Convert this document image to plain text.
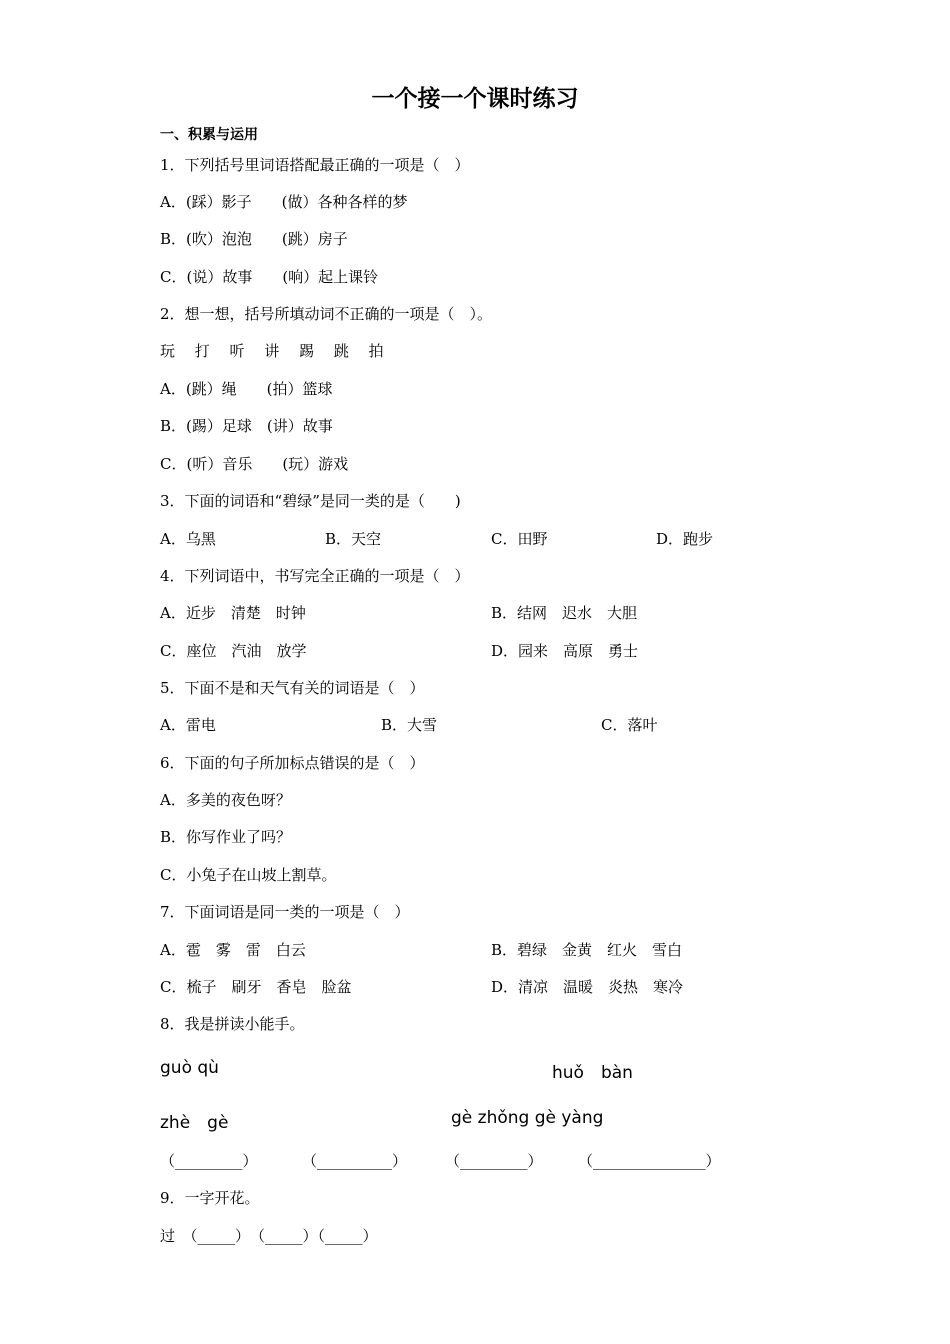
一个接一个课时练习
一、积累与运用
1．下列括号里词语搭配最正确的一项是（　）
A．(踩）影子　　(做）各种各样的梦
B．(吹）泡泡　　(跳）房子
C．(说）故事　　(响）起上课铃
2．想一想，括号所填动词不正确的一项是（　）。
玩　 打　 听　 讲　 踢　 跳　 拍
A．(跳）绳　　(拍）篮球
B．(踢）足球　(讲）故事
C．(听）音乐　　(玩）游戏
3．下面的词语和“碧绿”是同一类的是（　　)
A．乌黑	B．天空	C．田野	D．跑步
4．下列词语中，书写完全正确的一项是（　）
A．近步　清楚　时钟	B．结网　迟水　大胆
C．座位　汽油　放学	D．园来　高原　勇士
5．下面不是和天气有关的词语是（　）
A．雷电	B．大雪	C．落叶
6．下面的句子所加标点错误的是（　）
A．多美的夜色呀？
B．你写作业了吗？
C．小兔子在山坡上割草。
7．下面词语是同一类的一项是（　）
A．雹　雾　雷　白云	B．碧绿　金黄　红火　雪白
C．梳子　刷牙　香皂　脸盆	D．清凉　温暖　炎热　寒冷
8．我是拼读小能手。
guò qù	huǒ　bàn
zhè　gè	gè zhǒng gè yàng
（_________）	（__________）	（_________） （_______________）
9．一字开花。
过　（_____）　（_____）（_____）
